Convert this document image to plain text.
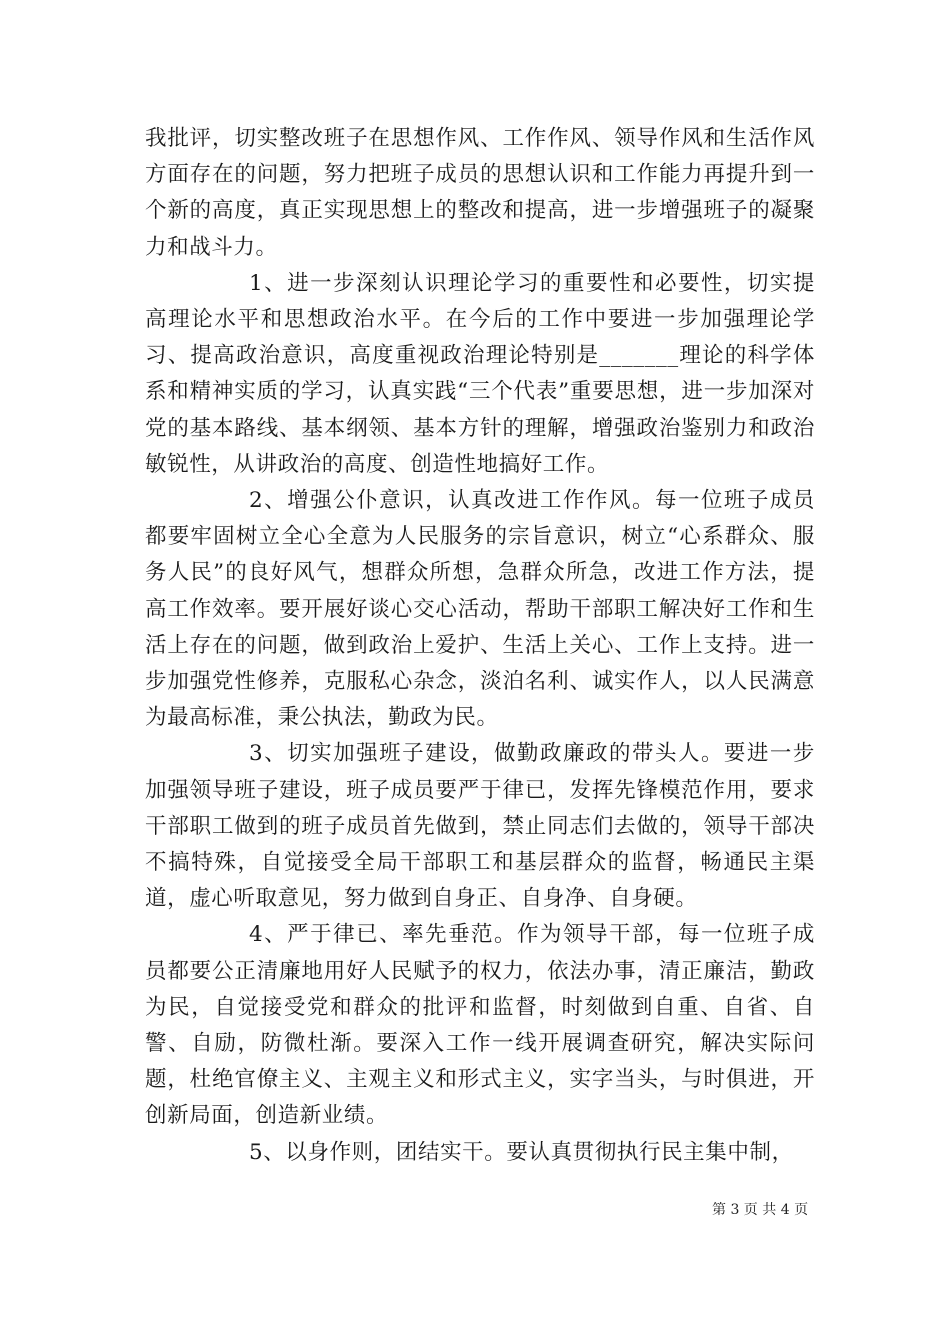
我批评，切实整改班子在思想作风、工作作风、领导作风和生活作风方面存在的问题，努力把班子成员的思想认识和工作能力再提升到一个新的高度，真正实现思想上的整改和提高，进一步增强班子的凝聚力和战斗力。

1、进一步深刻认识理论学习的重要性和必要性，切实提高理论水平和思想政治水平。在今后的工作中要进一步加强理论学习、提高政治意识，高度重视政治理论特别是_______理论的科学体系和精神实质的学习，认真实践“三个代表”重要思想，进一步加深对党的基本路线、基本纲领、基本方针的理解，增强政治鉴别力和政治敏锐性，从讲政治的高度、创造性地搞好工作。

2、增强公仆意识，认真改进工作作风。每一位班子成员都要牢固树立全心全意为人民服务的宗旨意识，树立“心系群众、服务人民”的良好风气，想群众所想，急群众所急，改进工作方法，提高工作效率。要开展好谈心交心活动，帮助干部职工解决好工作和生活上存在的问题，做到政治上爱护、生活上关心、工作上支持。进一步加强党性修养，克服私心杂念，淡泊名利、诚实作人，以人民满意为最高标准，秉公执法，勤政为民。

3、切实加强班子建设，做勤政廉政的带头人。要进一步加强领导班子建设，班子成员要严于律已，发挥先锋模范作用，要求干部职工做到的班子成员首先做到，禁止同志们去做的，领导干部决不搞特殊，自觉接受全局干部职工和基层群众的监督，畅通民主渠道，虚心听取意见，努力做到自身正、自身净、自身硬。

4、严于律已、率先垂范。作为领导干部，每一位班子成员都要公正清廉地用好人民赋予的权力，依法办事，清正廉洁，勤政为民，自觉接受党和群众的批评和监督，时刻做到自重、自省、自警、自励，防微杜渐。要深入工作一线开展调查研究，解决实际问题，杜绝官僚主义、主观主义和形式主义，实字当头，与时俱进，开创新局面，创造新业绩。

5、以身作则，团结实干。要认真贯彻执行民主集中制，

第 3 页 共 4 页
